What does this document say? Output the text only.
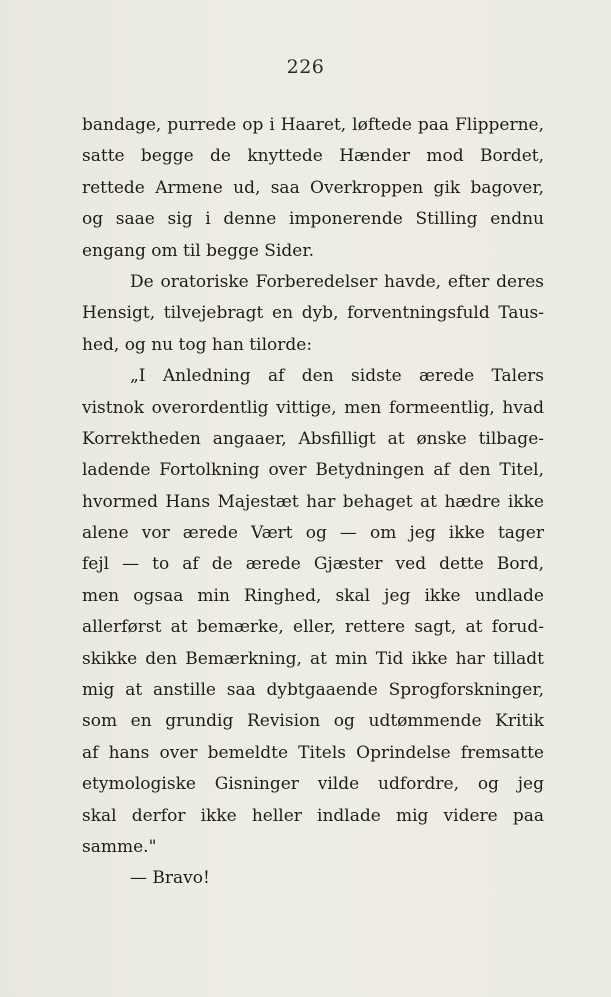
226
bandage, purrede op i Haaret, løftede paa Flipperne,
satte begge de knyttede Hænder mod Bordet,
rettede Armene ud, saa Overkroppen gik bagover,
og saae sig i denne imponerende Stilling endnu
engang om til begge Sider.
De oratoriske Forberedelser havde, efter deres
Hensigt, tilvejebragt en dyb, forventningsfuld Taus-
hed, og nu tog han tilorde:
„I Anledning af den sidste ærede Talers
vistnok overordentlig vittige, men formeentlig, hvad
Korrektheden angaaer, Absfilligt at ønske tilbage-
ladende Fortolkning over Betydningen af den Titel,
hvormed Hans Majestæt har behaget at hædre ikke
alene vor ærede Vært og — om jeg ikke tager
fejl — to af de ærede Gjæster ved dette Bord,
men ogsaa min Ringhed, skal jeg ikke undlade
allerførst at bemærke, eller, rettere sagt, at forud-
skikke den Bemærkning, at min Tid ikke har tilladt
mig at anstille saa dybtgaaende Sprogforskninger,
som en grundig Revision og udtømmende Kritik
af hans over bemeldte Titels Oprindelse fremsatte
etymologiske Gisninger vilde udfordre, og jeg
skal derfor ikke heller indlade mig videre paa
samme."
— Bravo!
